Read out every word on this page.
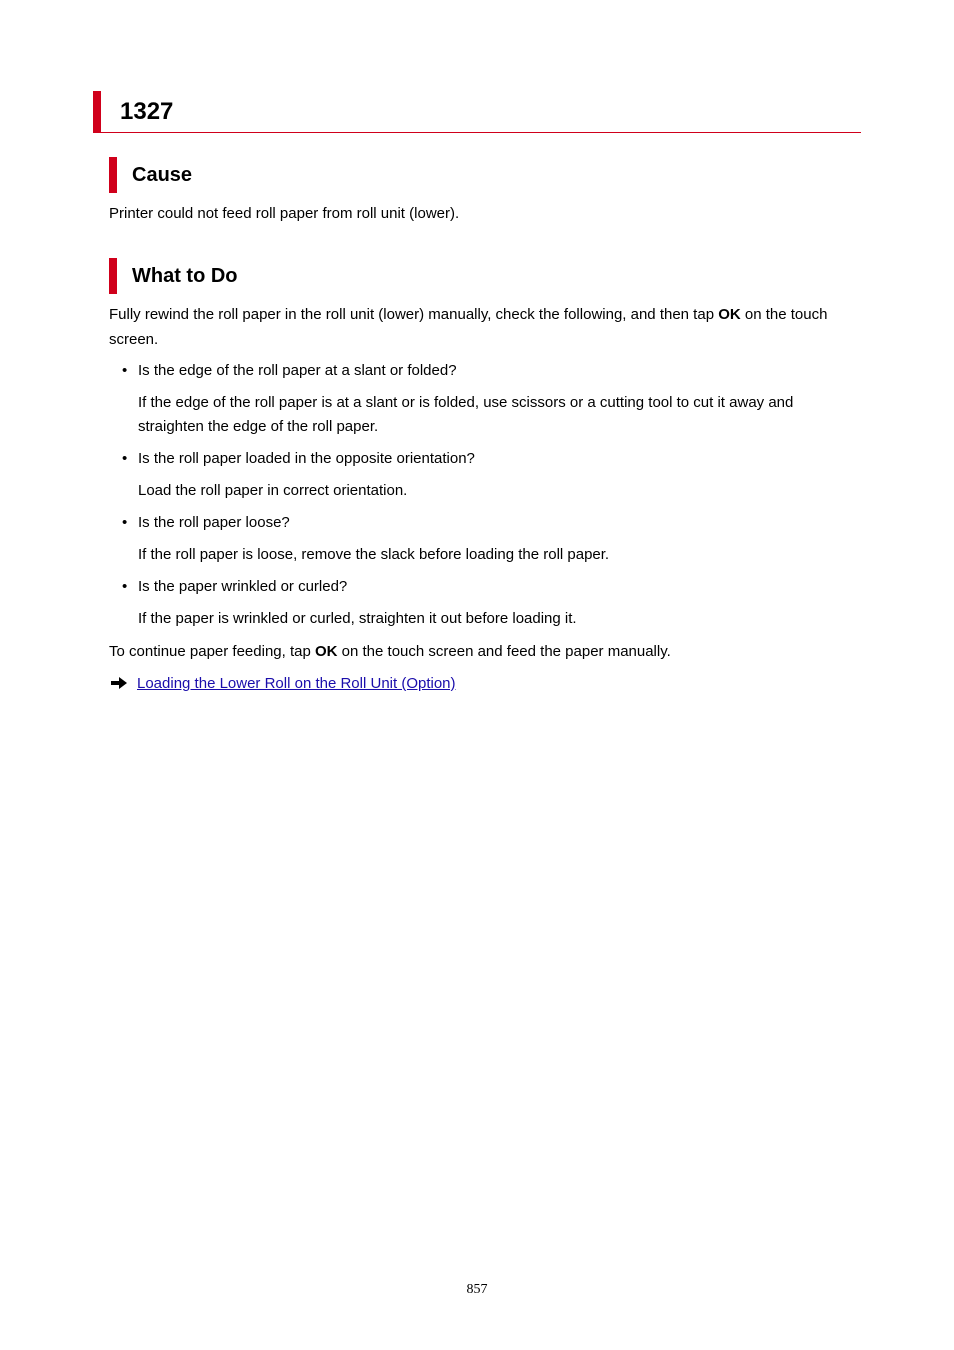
1327
Cause
Printer could not feed roll paper from roll unit (lower).
What to Do
Fully rewind the roll paper in the roll unit (lower) manually, check the following, and then tap OK on the touch screen.
• Is the edge of the roll paper at a slant or folded?
If the edge of the roll paper is at a slant or is folded, use scissors or a cutting tool to cut it away and straighten the edge of the roll paper.
• Is the roll paper loaded in the opposite orientation?
Load the roll paper in correct orientation.
• Is the roll paper loose?
If the roll paper is loose, remove the slack before loading the roll paper.
• Is the paper wrinkled or curled?
If the paper is wrinkled or curled, straighten it out before loading it.
To continue paper feeding, tap OK on the touch screen and feed the paper manually.
Loading the Lower Roll on the Roll Unit (Option)
857
